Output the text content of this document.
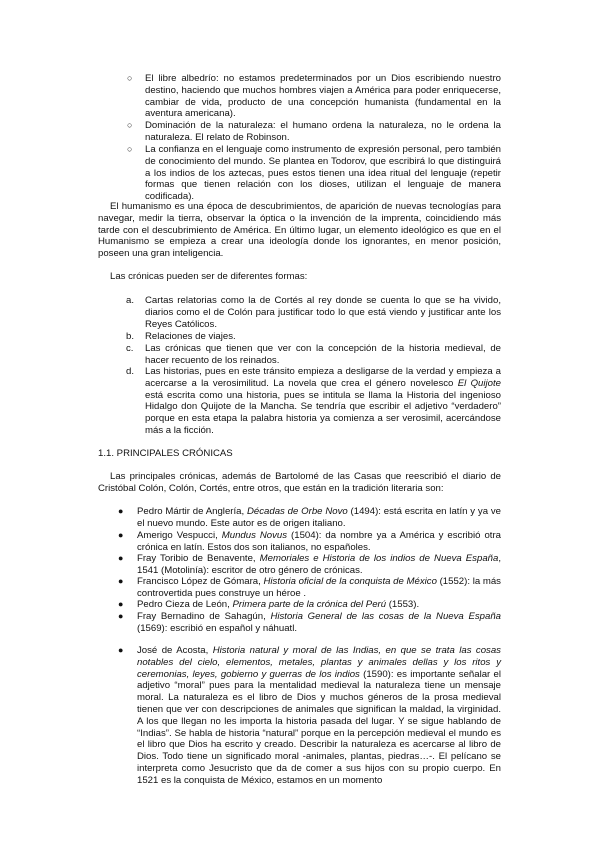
○ El libre albedrío: no estamos predeterminados por un Dios escribiendo nuestro destino, haciendo que muchos hombres viajen a América para poder enriquecerse, cambiar de vida, producto de una concepción humanista (fundamental en la aventura americana).
○ Dominación de la naturaleza: el humano ordena la naturaleza, no le ordena la naturaleza. El relato de Robinson.
○ La confianza en el lenguaje como instrumento de expresión personal, pero también de conocimiento del mundo. Se plantea en Todorov, que escribirá lo que distinguirá a los indios de los aztecas, pues estos tienen una idea ritual del lenguaje (repetir formas que tienen relación con los dioses, utilizan el lenguaje de manera codificada).
El humanismo es una época de descubrimientos, de aparición de nuevas tecnologías para navegar, medir la tierra, observar la óptica o la invención de la imprenta, coincidiendo más tarde con el descubrimiento de América. En último lugar, un elemento ideológico es que en el Humanismo se empieza a crear una ideología donde los ignorantes, en menor posición, poseen una gran inteligencia.
Las crónicas pueden ser de diferentes formas:
a. Cartas relatorias como la de Cortés al rey donde se cuenta lo que se ha vivido, diarios como el de Colón para justificar todo lo que está viendo y justificar ante los Reyes Católicos.
b. Relaciones de viajes.
c. Las crónicas que tienen que ver con la concepción de la historia medieval, de hacer recuento de los reinados.
d. Las historias, pues en este tránsito empieza a desligarse de la verdad y empieza a acercarse a la verosimilitud. La novela que crea el género novelesco El Quijote está escrita como una historia, pues se intitula se llama la Historia del ingenioso Hidalgo don Quijote de la Mancha. Se tendría que escribir el adjetivo “verdadero” porque en esta etapa la palabra historia ya comienza a ser verosimil, acercándose más a la ficción.
1.1. PRINCIPALES CRÓNICAS
Las principales crónicas, además de Bartolomé de las Casas que reescribió el diario de Cristóbal Colón, Colón, Cortés, entre otros, que están en la tradición literaria son:
● Pedro Mártir de Anglería, Décadas de Orbe Novo (1494): está escrita en latín y ya ve el nuevo mundo. Este autor es de origen italiano.
● Amerigo Vespucci, Mundus Novus (1504): da nombre ya a América y escribió otra crónica en latín. Estos dos son italianos, no españoles.
● Fray Toribio de Benavente, Memoriales e Historia de los indios de Nueva España, 1541 (Motolinía): escritor de otro género de crónicas.
● Francisco López de Gómara, Historia oficial de la conquista de México (1552): la más controvertida pues construye un héroe .
● Pedro Cieza de León, Primera parte de la crónica del Perú (1553).
● Fray Bernadino de Sahagún, Historia General de las cosas de la Nueva España (1569): escribió en español y náhuatl.
● José de Acosta, Historia natural y moral de las Indias, en que se trata las cosas notables del cielo, elementos, metales, plantas y animales dellas y los ritos y ceremonias, leyes, gobierno y guerras de los indios (1590): es importante señalar el adjetivo “moral” pues para la mentalidad medieval la naturaleza tiene un mensaje moral. La naturaleza es el libro de Dios y muchos géneros de la prosa medieval tienen que ver con descripciones de animales que significan la maldad, la virginidad. A los que llegan no les importa la historia pasada del lugar. Y se sigue hablando de “Indias”. Se habla de historia “natural” porque en la percepción medieval el mundo es el libro que Dios ha escrito y creado. Describir la naturaleza es acercarse al libro de Dios. Todo tiene un significado moral -animales, plantas, piedras…-. El pelícano se interpreta como Jesucristo que da de comer a sus hijos con su propio cuerpo. En 1521 es la conquista de México, estamos en un momento
